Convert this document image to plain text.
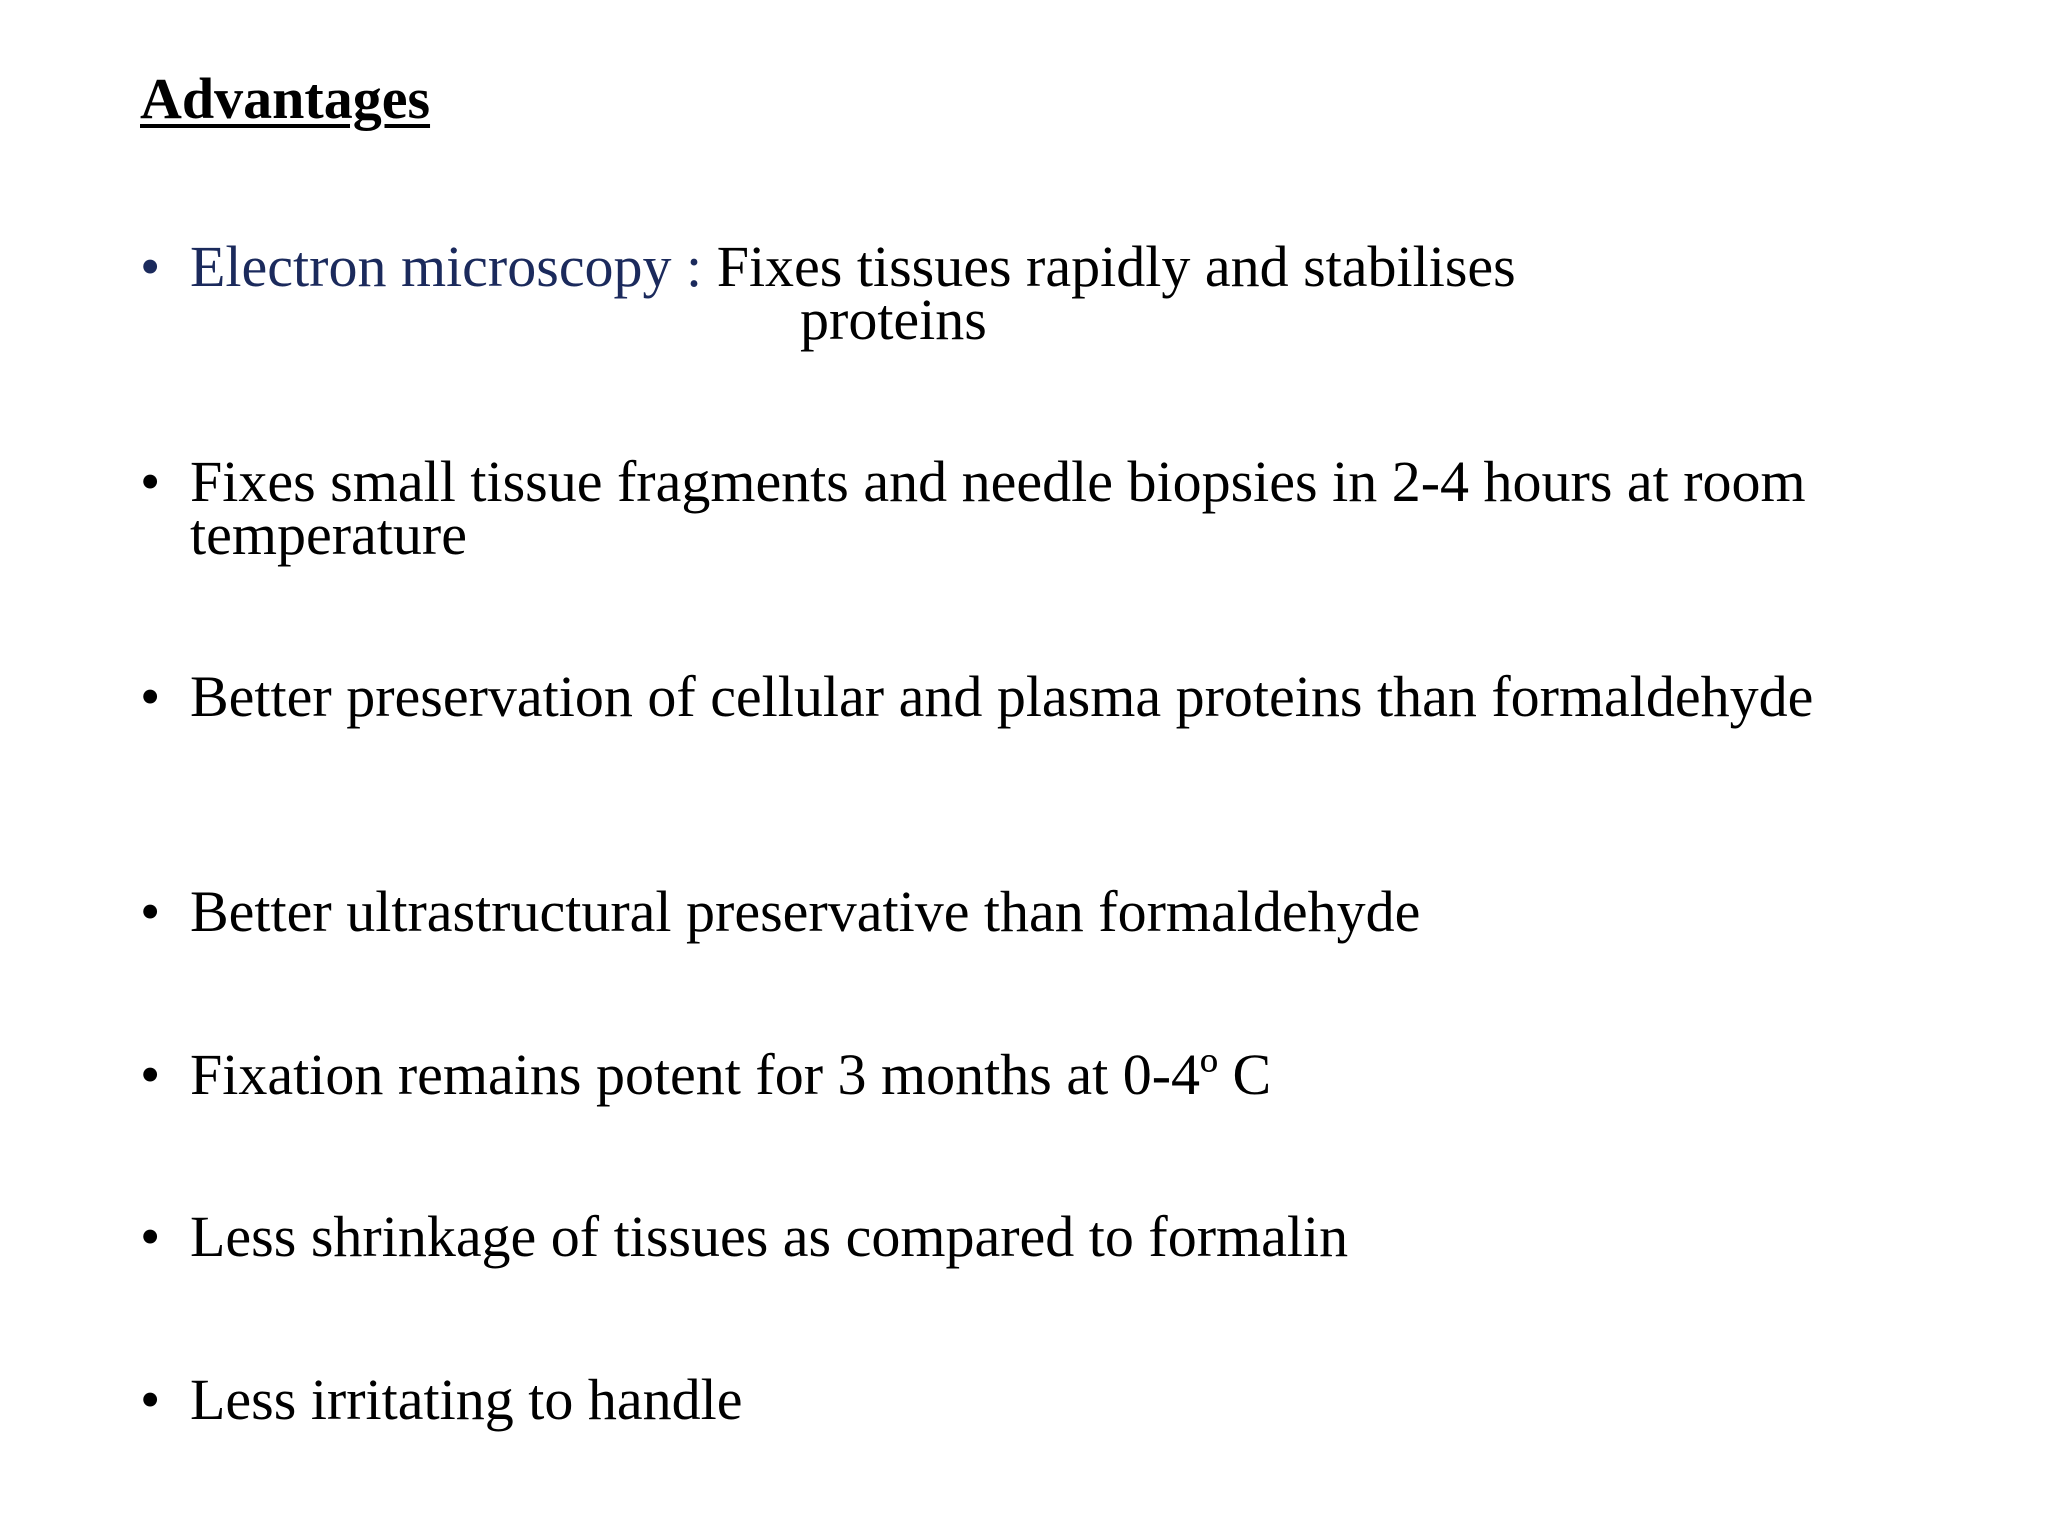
Advantages
• Electron microscopy : Fixes tissues rapidly and stabilises
proteins
• Fixes small tissue fragments and needle biopsies in 2-4 hours at room temperature
• Better preservation of cellular and plasma proteins than formaldehyde
• Better ultrastructural preservative than formaldehyde
• Fixation remains potent for 3 months at 0-4º C
• Less shrinkage of tissues as compared to formalin
• Less irritating to handle
